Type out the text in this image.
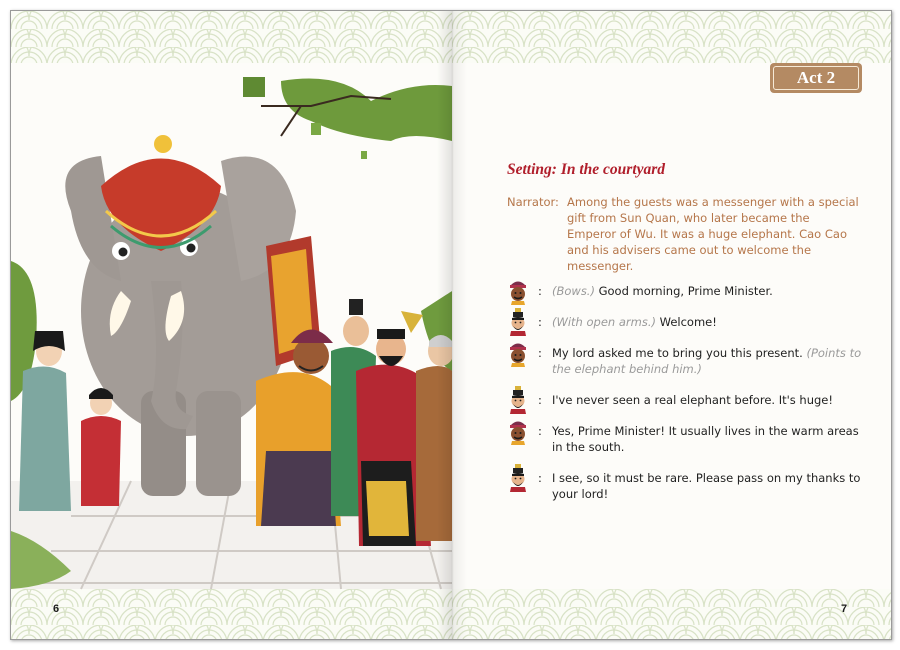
6
Act 2
Setting: In the courtyard
Narrator: Among the guests was a messenger with a special gift from Sun Quan, who later became the Emperor of Wu. It was a huge elephant. Cao Cao and his advisers came out to welcome the messenger.
: (Bows.) Good morning, Prime Minister.
: (With open arms.) Welcome!
: My lord asked me to bring you this present. (Points to the elephant behind him.)
: I've never seen a real elephant before. It's huge!
: Yes, Prime Minister! It usually lives in the warm areas in the south.
: I see, so it must be rare. Please pass on my thanks to your lord!
7
